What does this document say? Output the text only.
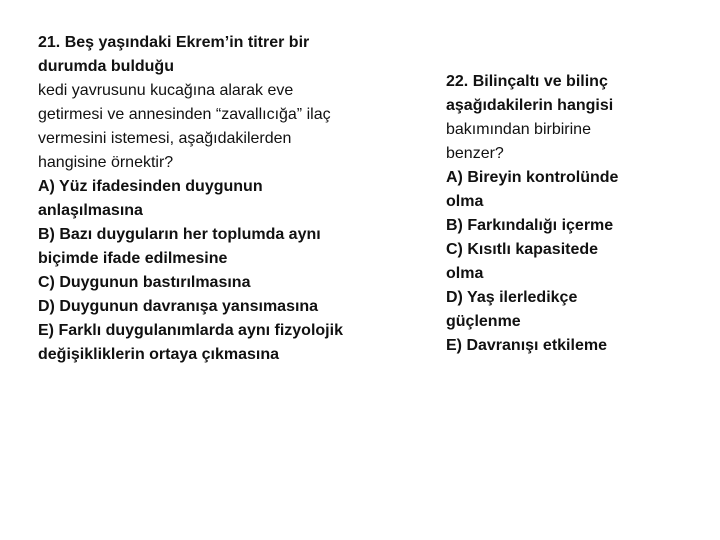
21. Beş yaşındaki Ekrem’in titrer bir
durumda bulduğu
kedi yavrusunu kucağına alarak eve
getirmesi ve annesinden “zavallıcığa” ilaç
vermesini istemesi, aşağıdakilerden
hangisine örnektir?
A) Yüz ifadesinden duygunun
anlaşılmasına
B) Bazı duyguların her toplumda aynı
biçimde ifade edilmesine
C) Duygunun bastırılmasına
D) Duygunun davranışa yansımasına
E) Farklı duygulanımlarda aynı fizyolojik
değişikliklerin ortaya çıkmasına
22. Bilinçaltı ve bilinç
aşağıdakilerin hangisi
bakımından birbirine
benzer?
A) Bireyin kontrolünde
olma
B) Farkındalığı içerme
C) Kısıtlı kapasitede
olma
D) Yaş ilerledikçe
güçlenme
E) Davranışı etkileme
